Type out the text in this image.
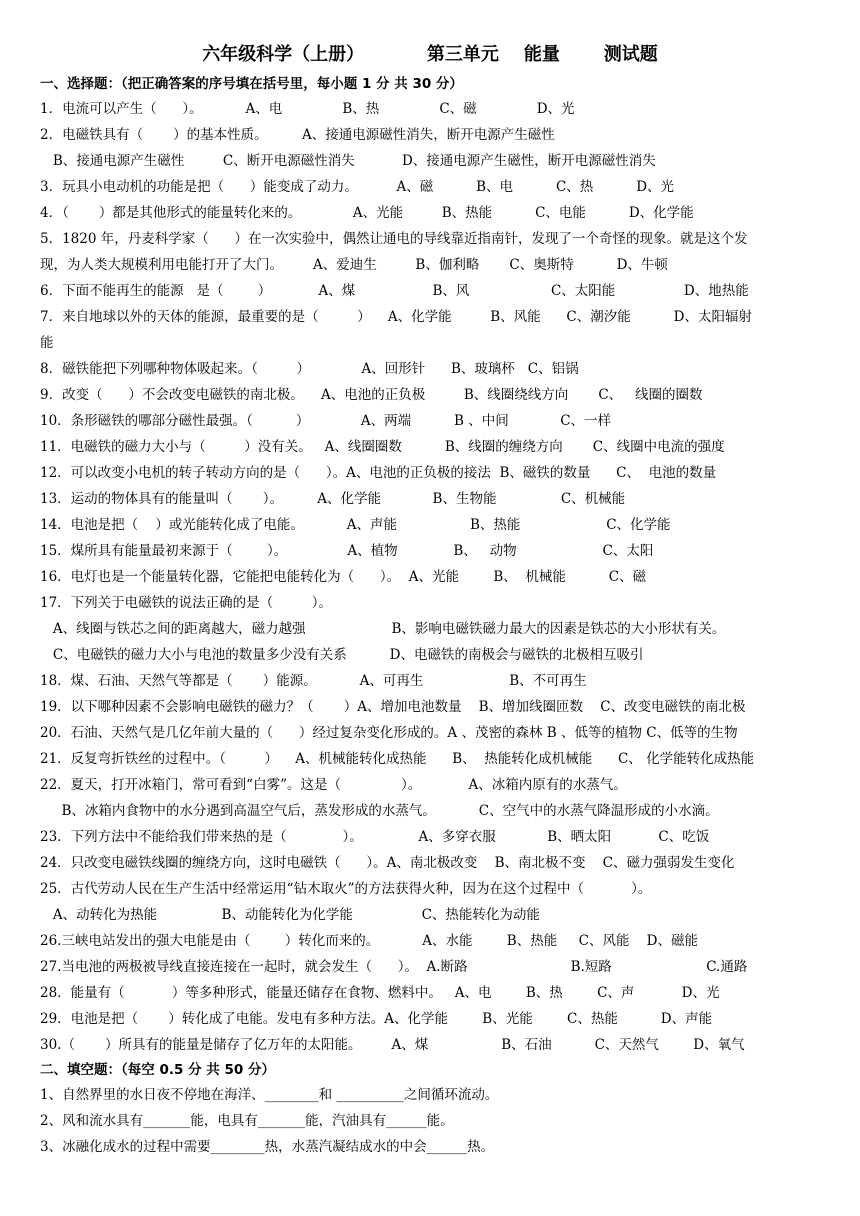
六年级科学（上册）          第三单元    能量       测试题
一、选择题：（把正确答案的序号填在括号里，每小题 1 分 共 30 分）
1．电流可以产生（      ）。          A、电              B、热              C、磁              D、光
2．电磁铁具有（       ）的基本性质。        A、接通电源磁性消失，断开电源产生磁性
B、接通电源产生磁性         C、断开电源磁性消失           D、接通电源产生磁性，断开电源磁性消失
3．玩具小电动机的功能是把（      ）能变成了动力。         A、磁          B、电          C、热          D、光
4．（       ）都是其他形式的能量转化来的。            A、光能         B、热能          C、电能          D、化学能
5．1820 年，丹麦科学家（      ）在一次实验中，偶然让通电的导线靠近指南针，发现了一个奇怪的现象。就是这个发
现，为人类大规模利用电能打开了大门。       A、爱迪生         B、伽利略       C、奥斯特          D、牛顿
6．下面不能再生的能源   是（        ）           A、煤                  B、风                   C、太阳能                D、地热能
7．来自地球以外的天体的能源，最重要的是（         ）    A、化学能         B、风能      C、潮汐能          D、太阳辐射
能
8．磁铁能把下列哪种物体吸起来。（         ）            A、回形针      B、玻璃杯   C、铝锅
9．改变（      ）不会改变电磁铁的南北极。    A、电池的正负极         B、线圈绕线方向       C、   线圈的圈数
10．条形磁铁的哪部分磁性最强。（          ）            A、两端          B 、中间            C、一样
11．电磁铁的磁力大小与（         ）没有关。   A、线圈圈数          B、线圈的缠绕方向       C、线圈中电流的强度
12．可以改变小电机的转子转动方向的是（      ）。A、电池的正负极的接法  B、磁铁的数量      C、  电池的数量
13．运动的物体具有的能量叫（       ）。        A、化学能            B、生物能               C、机械能
14．电池是把（    ）或光能转化成了电能。          A、声能                 B、热能                    C、化学能
15．煤所具有能量最初来源于（        ）。              A、植物             B、   动物                    C、太阳
16．电灯也是一个能量转化器，它能把电能转化为（      ）。  A、光能        B、  机械能          C、磁
17．下列关于电磁铁的说法正确的是（         ）。
A、线圈与铁芯之间的距离越大，磁力越强                    B、影响电磁铁磁力最大的因素是铁芯的大小形状有关。
C、电磁铁的磁力大小与电池的数量多少没有关系          D、电磁铁的南极会与磁铁的北极相互吸引
18．煤、石油、天然气等都是（       ）能源。          A、可再生                    B、不可再生
19．以下哪种因素不会影响电磁铁的磁力？（       ）A、增加电池数量    B、增加线圈匝数    C、改变电磁铁的南北极
20．石油、天然气是几亿年前大量的（      ）经过复杂变化形成的。A 、茂密的森林 B 、低等的植物 C、低等的生物
21．反复弯折铁丝的过程中。（         ）    A、机械能转化成热能      B、  热能转化成机械能      C、 化学能转化成热能
22．夏天，打开冰箱门，常可看到“白雾”。这是（              ）。           A、冰箱内原有的水蒸气。
B、冰箱内食物中的水分遇到高温空气后，蒸发形成的水蒸气。          C、空气中的水蒸气降温形成的小水滴。
23．下列方法中不能给我们带来热的是（             ）。             A、多穿衣服            B、晒太阳           C、吃饭
24．只改变电磁铁线圈的缠绕方向，这时电磁铁（      ）。A、南北极改变    B、南北极不变    C、磁力强弱发生变化
25．古代劳动人民在生产生活中经常运用“钻木取火”的方法获得火种，因为在这个过程中（           ）。
A、动转化为热能               B、动能转化为化学能                C、热能转化为动能
26.三峡电站发出的强大电能是由（        ）转化而来的。          A、水能        B、热能     C、风能    D、磁能
27.当电池的两极被导线直接连接在一起时，就会发生（      ）。  A.断路                        B.短路                      C.通路
28．能量有（           ）等多种形式，能量还储存在食物、燃料中。   A、电        B、热        C、声           D、光
29．电池是把（       ）转化成了电能。发电有多种方法。A、化学能        B、光能        C、热能          D、声能
30.（       ）所具有的能量是储存了亿万年的太阳能。       A、煤                 B、石油          C、天然气        D、氧气
二、填空题：（每空 0.5 分 共 50 分）
1、自然界里的水日夜不停地在海洋、________和 __________之间循环流动。
2、风和流水具有_______能，电具有_______能，汽油具有______能。
3、冰融化成水的过程中需要________热，水蒸汽凝结成水的中会______热。
